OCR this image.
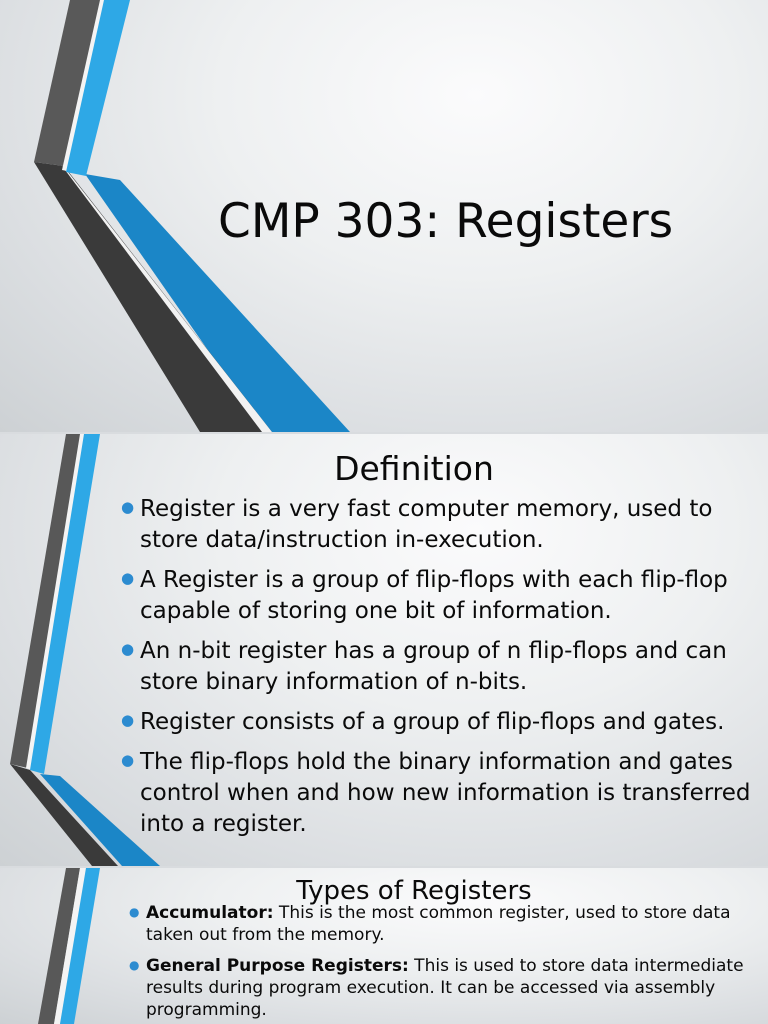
CMP 303: Registers
Definition
● Register is a very fast computer memory, used to store data/instruction in-execution.
● A Register is a group of flip-flops with each flip-flop capable of storing one bit of information.
● An n-bit register has a group of n flip-flops and can store binary information of n-bits.
● Register consists of a group of flip-flops and gates.
● The flip-flops hold the binary information and gates control when and how new information is transferred into a register.
Types of Registers
● Accumulator: This is the most common register, used to store data taken out from the memory.
● General Purpose Registers: This is used to store data intermediate results during program execution. It can be accessed via assembly programming.
